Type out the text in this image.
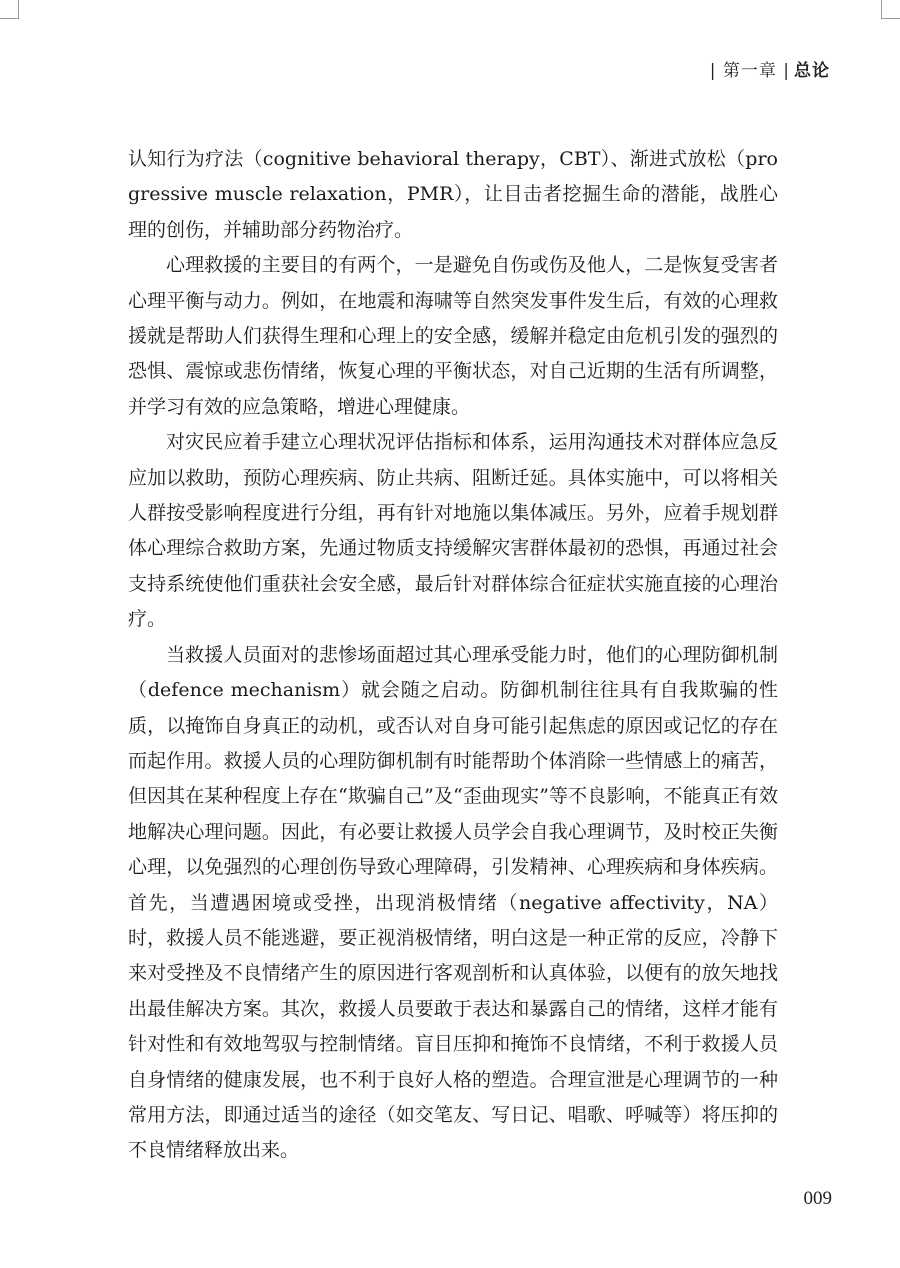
| 第一章 | 总论

认知行为疗法（cognitive behavioral therapy，CBT）、渐进式放松（progressive muscle relaxation，PMR），让目击者挖掘生命的潜能，战胜心理的创伤，并辅助部分药物治疗。

心理救援的主要目的有两个，一是避免自伤或伤及他人，二是恢复受害者心理平衡与动力。例如，在地震和海啸等自然突发事件发生后，有效的心理救援就是帮助人们获得生理和心理上的安全感，缓解并稳定由危机引发的强烈的恐惧、震惊或悲伤情绪，恢复心理的平衡状态，对自己近期的生活有所调整，并学习有效的应急策略，增进心理健康。

对灾民应着手建立心理状况评估指标和体系，运用沟通技术对群体应急反应加以救助，预防心理疾病、防止共病、阻断迁延。具体实施中，可以将相关人群按受影响程度进行分组，再有针对地施以集体减压。另外，应着手规划群体心理综合救助方案，先通过物质支持缓解灾害群体最初的恐惧，再通过社会支持系统使他们重获社会安全感，最后针对群体综合征症状实施直接的心理治疗。

当救援人员面对的悲惨场面超过其心理承受能力时，他们的心理防御机制（defence mechanism）就会随之启动。防御机制往往具有自我欺骗的性质，以掩饰自身真正的动机，或否认对自身可能引起焦虑的原因或记忆的存在而起作用。救援人员的心理防御机制有时能帮助个体消除一些情感上的痛苦，但因其在某种程度上存在“欺骗自己”及“歪曲现实”等不良影响，不能真正有效地解决心理问题。因此，有必要让救援人员学会自我心理调节，及时校正失衡心理，以免强烈的心理创伤导致心理障碍，引发精神、心理疾病和身体疾病。首先，当遭遇困境或受挫，出现消极情绪（negative affectivity，NA）时，救援人员不能逃避，要正视消极情绪，明白这是一种正常的反应，冷静下来对受挫及不良情绪产生的原因进行客观剖析和认真体验，以便有的放矢地找出最佳解决方案。其次，救援人员要敢于表达和暴露自己的情绪，这样才能有针对性和有效地驾驭与控制情绪。盲目压抑和掩饰不良情绪，不利于救援人员自身情绪的健康发展，也不利于良好人格的塑造。合理宣泄是心理调节的一种常用方法，即通过适当的途径（如交笔友、写日记、唱歌、呼喊等）将压抑的不良情绪释放出来。

009
